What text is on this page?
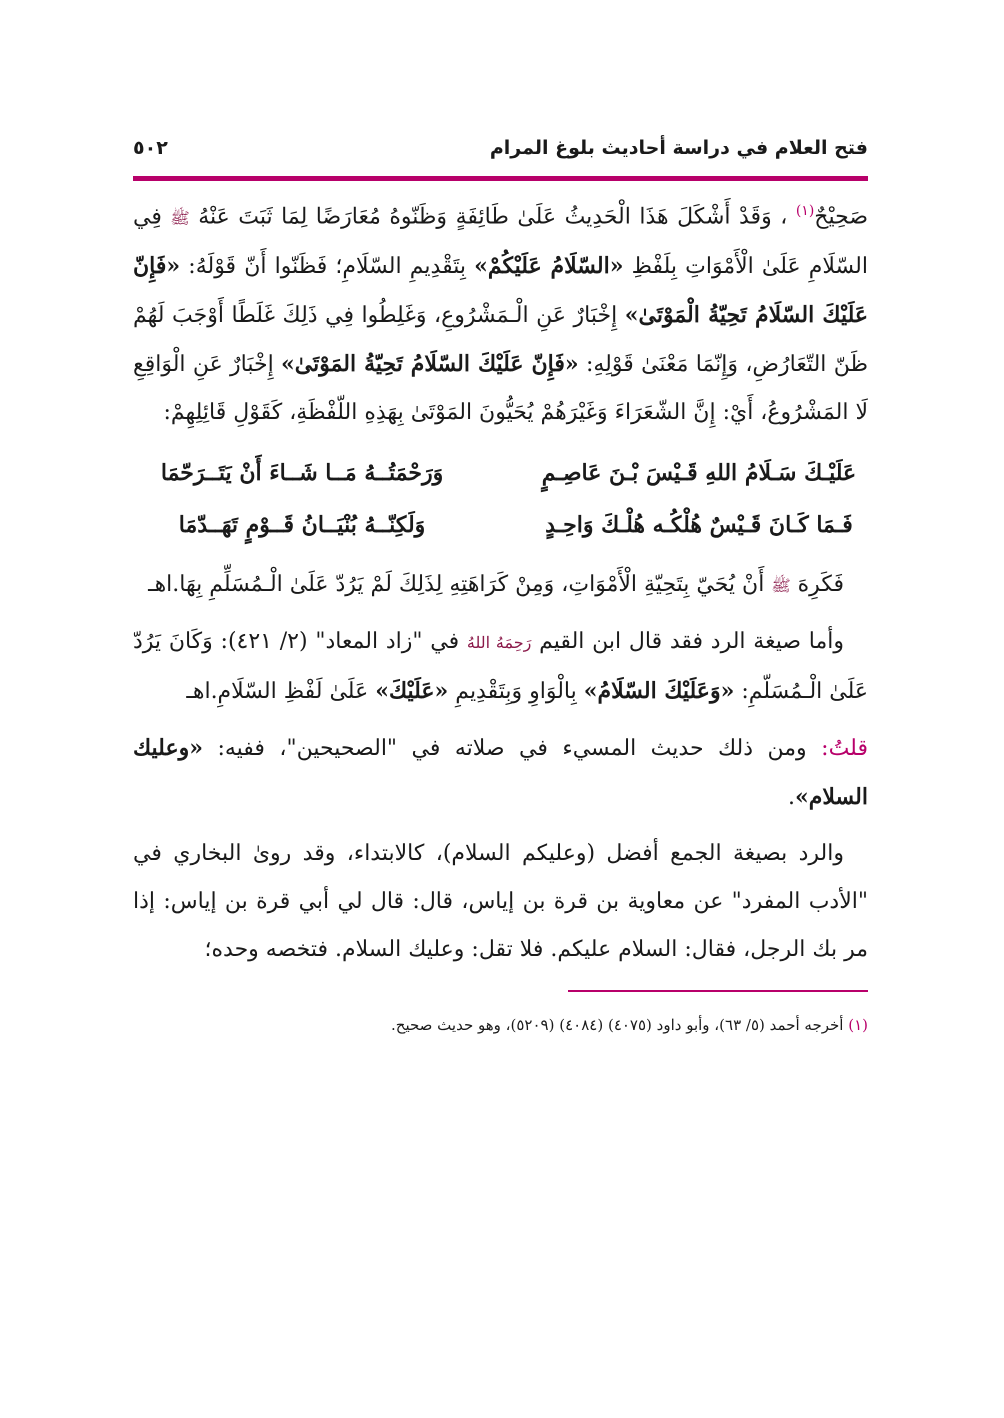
فتح العلام في دراسة أحاديث بلوغ المرام
٥٠٢

صَحِيْحٌ$^{(١)}$ ، وَقَدْ أَشْكَلَ هَذَا الْحَدِيثُ عَلَىٰ طَائِفَةٍ وَظَنّوهُ مُعَارَضًا لِمَا ثَبَتَ عَنْهُ ﷺ فِي السّلَامِ عَلَىٰ الْأَمْوَاتِ بِلَفْظِ «السّلَامُ عَلَيْكُمْ» بِتَقْدِيمِ السّلَامِ؛ فَظَنّوا أَنّ قَوْلَهُ: «فَإِنّ عَلَيْكَ السّلَامُ تَحِيّةُ الْمَوْتَىٰ» إِخْبَارٌ عَنِ الْـمَشْرُوعِ، وَغَلِطُوا فِي ذَلِكَ غَلَطًا أَوْجَبَ لَهُمْ ظَنّ التّعَارُضِ، وَإِنّمَا مَعْنَىٰ قَوْلِهِ: «فَإِنّ عَلَيْكَ السّلَامُ تَحِيّةُ المَوْتَىٰ» إِخْبَارٌ عَنِ الْوَاقِعِ لَا المَشْرُوعُ، أَيْ: إِنَّ الشّعَرَاءَ وَغَيْرَهُمْ يُحَيُّونَ المَوْتَىٰ بِهَذِهِ اللّفْظَةِ، كَقَوْلِ قَائِلِهِمْ:

عَلَيْـكَ سَـلَامُ اللهِ قَـيْسَ بْـنَ عَاصِـمٍ
وَرَحْمَتُــهُ مَــا شَــاءَ أَنْ يَتَــرَحّمَا
فَـمَا كَـانَ قَـيْسٌ هُلْكُـه هُلْـكَ وَاحِـدٍ
وَلَكِنّــهُ بُنْيَــانُ قَــوْمٍ تَهَــدّمَا

فَكَرِهَ ﷺ أَنْ يُحَيّ بِتَحِيّةِ الْأَمْوَاتِ، وَمِنْ كَرَاهَتِهِ لِذَلِكَ لَمْ يَرُدّ عَلَىٰ الْـمُسَلِّمِ بِهَا.اهـ

وأما صيغة الرد فقد قال ابن القيم رَحِمَهُ اللهُ في "زاد المعاد" (٢/ ٤٢١): وَكَانَ يَرُدّ عَلَىٰ الْـمُسَلّمِ: «وَعَلَيْكَ السّلَامُ» بِالْوَاوِ وَبِتَقْدِيمِ «عَلَيْكَ» عَلَىٰ لَفْظِ السّلَامِ.اهـ

قلتُ: ومن ذلك حديث المسيء في صلاته في "الصحيحين"، ففيه: «وعليك السلام».

والرد بصيغة الجمع أفضل (وعليكم السلام)، كالابتداء، وقد روىٰ البخاري في "الأدب المفرد" عن معاوية بن قرة بن إياس، قال: قال لي أبي قرة بن إياس: إذا مر بك الرجل، فقال: السلام عليكم. فلا تقل: وعليك السلام. فتخصه وحده؛

(١) أخرجه أحمد (٥/ ٦٣)، وأبو داود (٤٠٧٥) (٤٠٨٤) (٥٢٠٩)، وهو حديث صحيح.
